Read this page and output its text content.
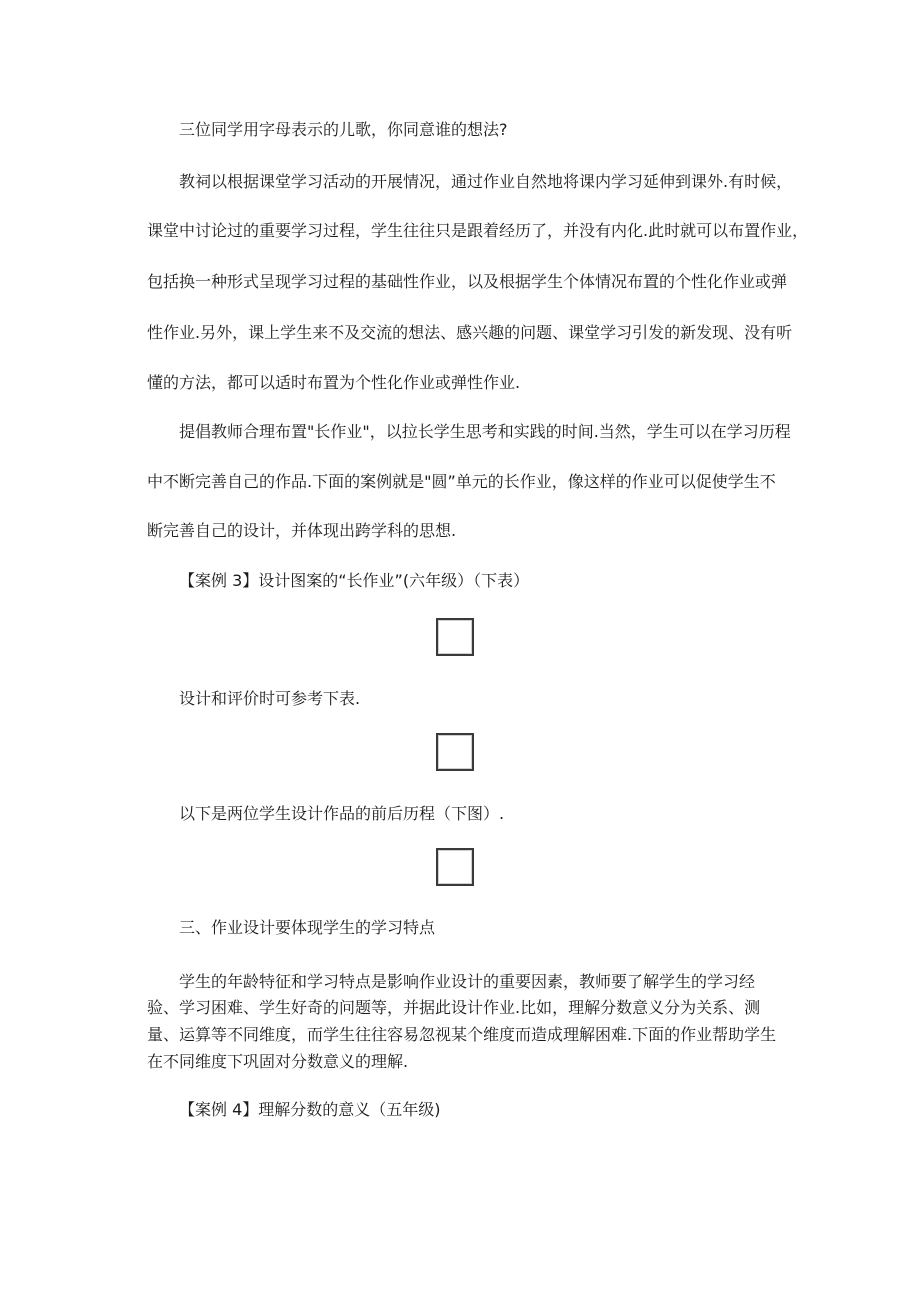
三位同学用字母表示的儿歌，你同意谁的想法?
教祠以根据课堂学习活动的开展情况，通过作业自然地将课内学习延伸到课外.有时候，
课堂中讨论过的重要学习过程，学生往往只是跟着经历了，并没有内化.此时就可以布置作业，
包括换一种形式呈现学习过程的基础性作业，以及根据学生个体情况布置的个性化作业或弹
性作业.另外，课上学生来不及交流的想法、感兴趣的问题、课堂学习引发的新发现、没有听
懂的方法，都可以适时布置为个性化作业或弹性作业.
提倡教师合理布置"长作业"，以拉长学生思考和实践的时间.当然，学生可以在学习历程
中不断完善自己的作品.下面的案例就是"圆”单元的长作业，像这样的作业可以促使学生不
断完善自己的设计，并体现出跨学科的思想.
【案例 3】设计图案的“长作业”(六年级）（下表）
设计和评价时可参考下表.
以下是两位学生设计作品的前后历程（下图）.
三、作业设计要体现学生的学习特点
学生的年龄特征和学习特点是影响作业设计的重要因素，教师要了解学生的学习经
验、学习困难、学生好奇的问题等，并据此设计作业.比如，理解分数意义分为关系、测
量、运算等不同维度，而学生往往容易忽视某个维度而造成理解困难.下面的作业帮助学生
在不同维度下巩固对分数意义的理解.
【案例 4】理解分数的意义（五年级)
